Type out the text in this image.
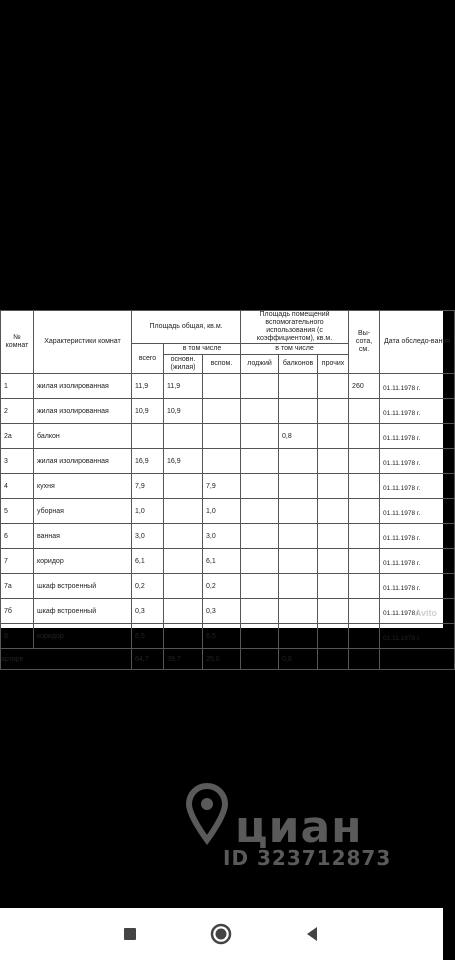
№ комнат	Характеристики комнат	Площадь общая, кв.м.			Площадь помещений вспомогательного использования (с коэффициентом), кв.м.			Вы-сота, см.	Дата обследо-вания
		всего	в том числе		в том числе				
			основн. (жилая)	вспом.	лоджий	балконов	прочих		
1	жилая изолированная	11,9	11,9					260	01.11.1978 г.
2	жилая изолированная	10,9	10,9						01.11.1978 г.
2а	балкон					0,8			01.11.1978 г.
3	жилая изолированная	16,9	16,9						01.11.1978 г.
4	кухня	7,9		7,9					01.11.1978 г.
5	уборная	1,0		1,0					01.11.1978 г.
6	ванная	3,0		3,0					01.11.1978 г.
7	коридор	6,1		6,1					01.11.1978 г.
7а	шкаф встроенный	0,2		0,2					01.11.1978 г.
7б	шкаф встроенный	0,3		0,3					01.11.1978 г.
8	коридор	6,5		6,5					01.11.1978 г.
артире		64,7	39,7	25,0		0,8			
Avito
циан
ID 323712873
